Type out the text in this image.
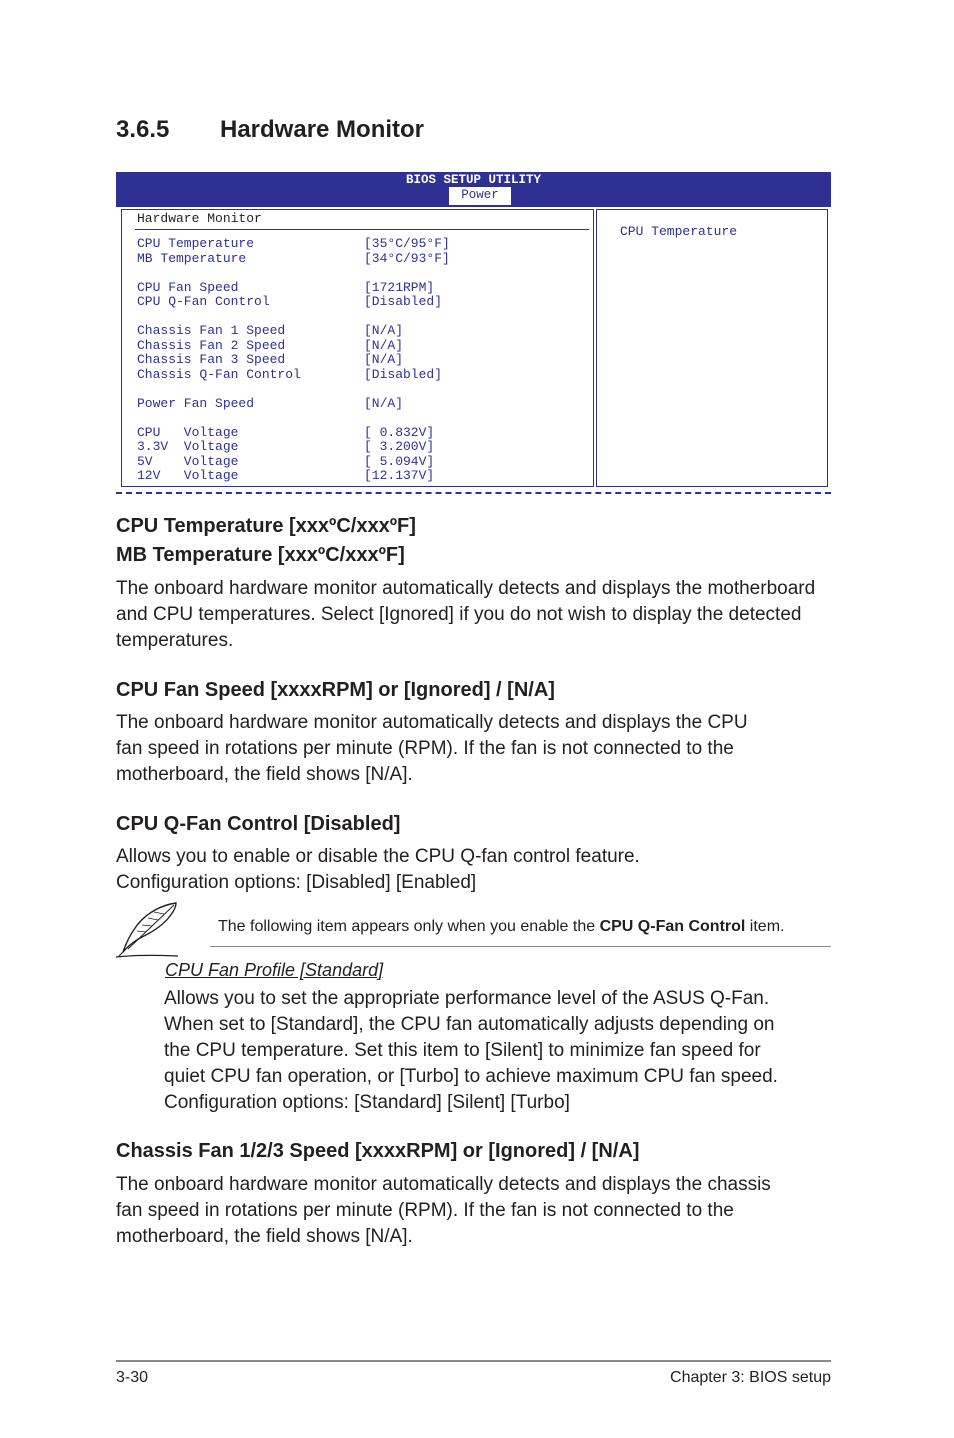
3.6.5 Hardware Monitor
BIOS SETUP UTILITY
Power
Hardware Monitor
CPU Temperature	[35°C/95°F]
MB Temperature	[34°C/93°F]
CPU Fan Speed	[1721RPM]
CPU Q-Fan Control	[Disabled]
Chassis Fan 1 Speed	[N/A]
Chassis Fan 2 Speed	[N/A]
Chassis Fan 3 Speed	[N/A]
Chassis Q-Fan Control	[Disabled]
Power Fan Speed	[N/A]
CPU   Voltage	[ 0.832V]
3.3V  Voltage	[ 3.200V]
5V    Voltage	[ 5.094V]
12V   Voltage	[12.137V]
CPU Temperature
CPU Temperature [xxxºC/xxxºF]
MB Temperature [xxxºC/xxxºF]
The onboard hardware monitor automatically detects and displays the motherboard
and CPU temperatures. Select [Ignored] if you do not wish to display the detected
temperatures.
CPU Fan Speed [xxxxRPM] or [Ignored] / [N/A]
The onboard hardware monitor automatically detects and displays the CPU
fan speed in rotations per minute (RPM). If the fan is not connected to the
motherboard, the field shows [N/A].
CPU Q-Fan Control [Disabled]
Allows you to enable or disable the CPU Q-fan control feature.
Configuration options: [Disabled] [Enabled]
The following item appears only when you enable the CPU Q-Fan Control item.
CPU Fan Profile [Standard]
Allows you to set the appropriate performance level of the ASUS Q-Fan.
When set to [Standard], the CPU fan automatically adjusts depending on
the CPU temperature. Set this item to [Silent] to minimize fan speed for
quiet CPU fan operation, or [Turbo] to achieve maximum CPU fan speed.
Configuration options: [Standard] [Silent] [Turbo]
Chassis Fan 1/2/3 Speed [xxxxRPM] or [Ignored] / [N/A]
The onboard hardware monitor automatically detects and displays the chassis
fan speed in rotations per minute (RPM). If the fan is not connected to the
motherboard, the field shows [N/A].
3-30	Chapter 3: BIOS setup
